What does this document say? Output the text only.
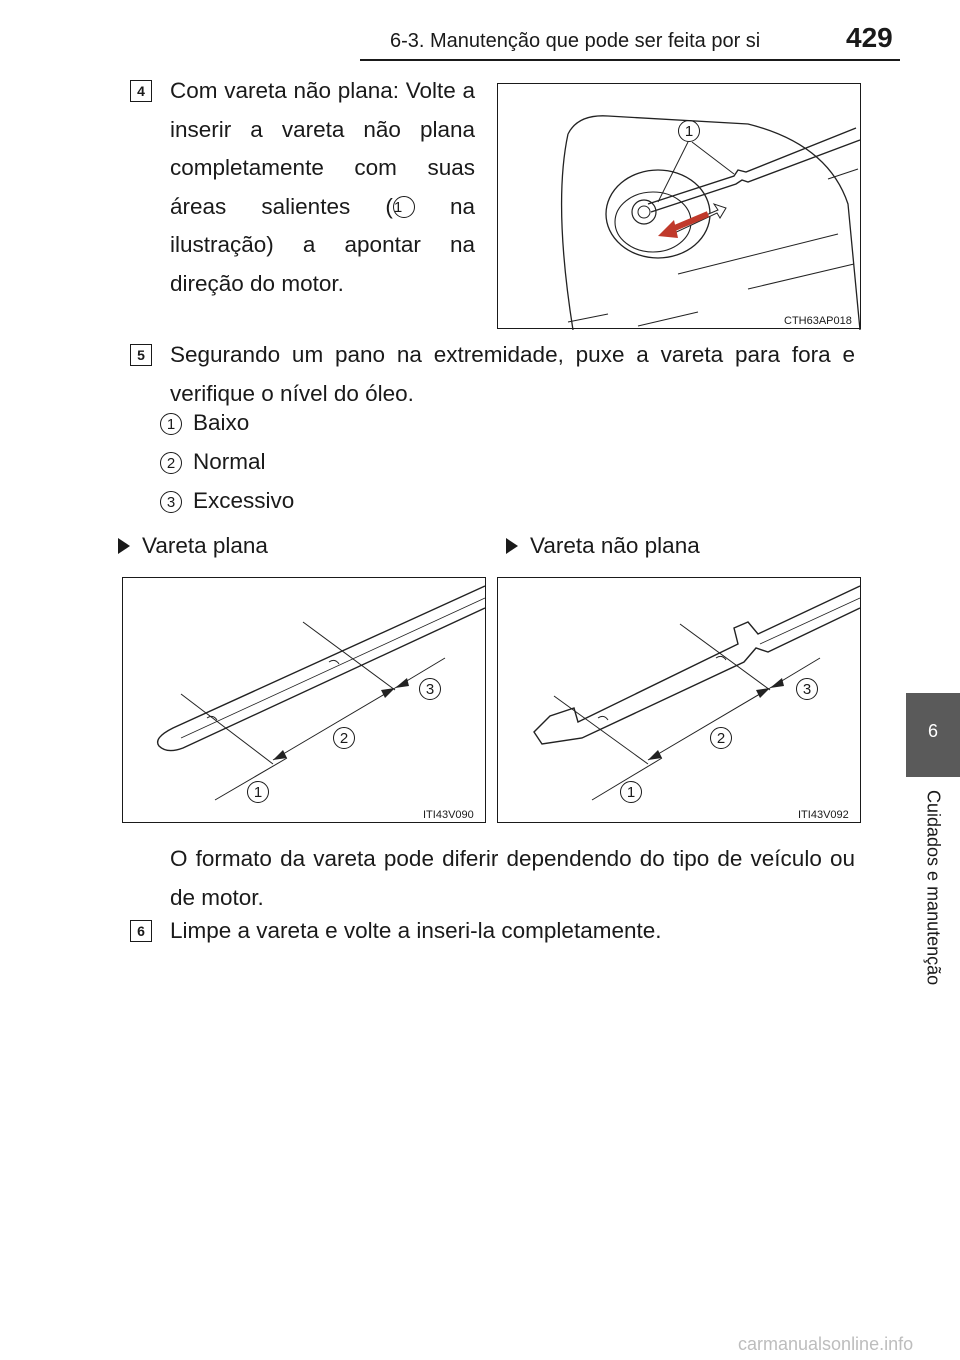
6-3. Manutenção que pode ser feita por si	429
6
Cuidados e manutenção
4	Com vareta não plana: Volte a inserir a vareta não plana completamente com suas áreas salientes (1 na ilustração) a apontar na direção do motor.
1
CTH63AP018
5	Segurando um pano na extremidade, puxe a vareta para fora e verifique o nível do óleo.
1 Baixo
2 Normal
3 Excessivo
Vareta plana	Vareta não plana
1
2
3
ITI43V090
1
2
3
ITI43V092
O formato da vareta pode diferir dependendo do tipo de veículo ou de motor.
6	Limpe a vareta e volte a inseri-la completamente.
carmanualsonline.info
